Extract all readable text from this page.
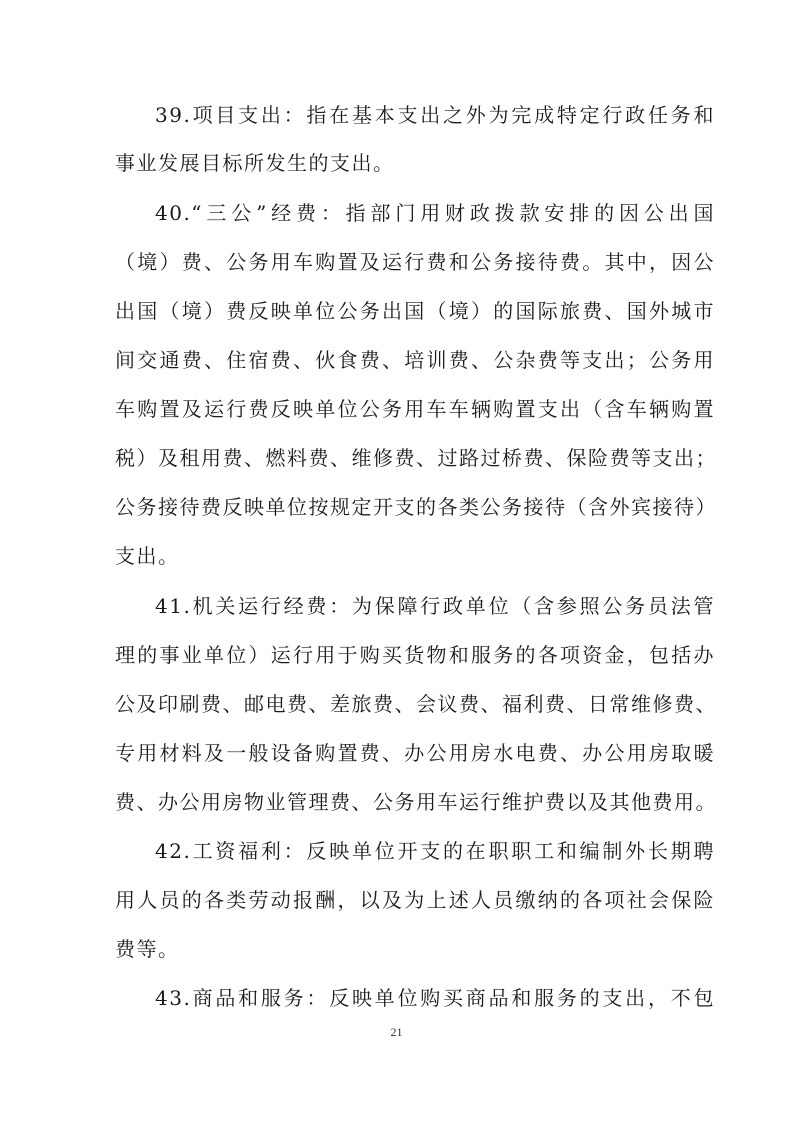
39.项目支出：指在基本支出之外为完成特定行政任务和
事业发展目标所发生的支出。
40.“三公”经费：指部门用财政拨款安排的因公出国
（境）费、公务用车购置及运行费和公务接待费。其中，因公
出国（境）费反映单位公务出国（境）的国际旅费、国外城市
间交通费、住宿费、伙食费、培训费、公杂费等支出；公务用
车购置及运行费反映单位公务用车车辆购置支出（含车辆购置
税）及租用费、燃料费、维修费、过路过桥费、保险费等支出；
公务接待费反映单位按规定开支的各类公务接待（含外宾接待）
支出。
41.机关运行经费：为保障行政单位（含参照公务员法管
理的事业单位）运行用于购买货物和服务的各项资金，包括办
公及印刷费、邮电费、差旅费、会议费、福利费、日常维修费、
专用材料及一般设备购置费、办公用房水电费、办公用房取暖
费、办公用房物业管理费、公务用车运行维护费以及其他费用。
42.工资福利：反映单位开支的在职职工和编制外长期聘
用人员的各类劳动报酬，以及为上述人员缴纳的各项社会保险
费等。
43.商品和服务：反映单位购买商品和服务的支出，不包
21
